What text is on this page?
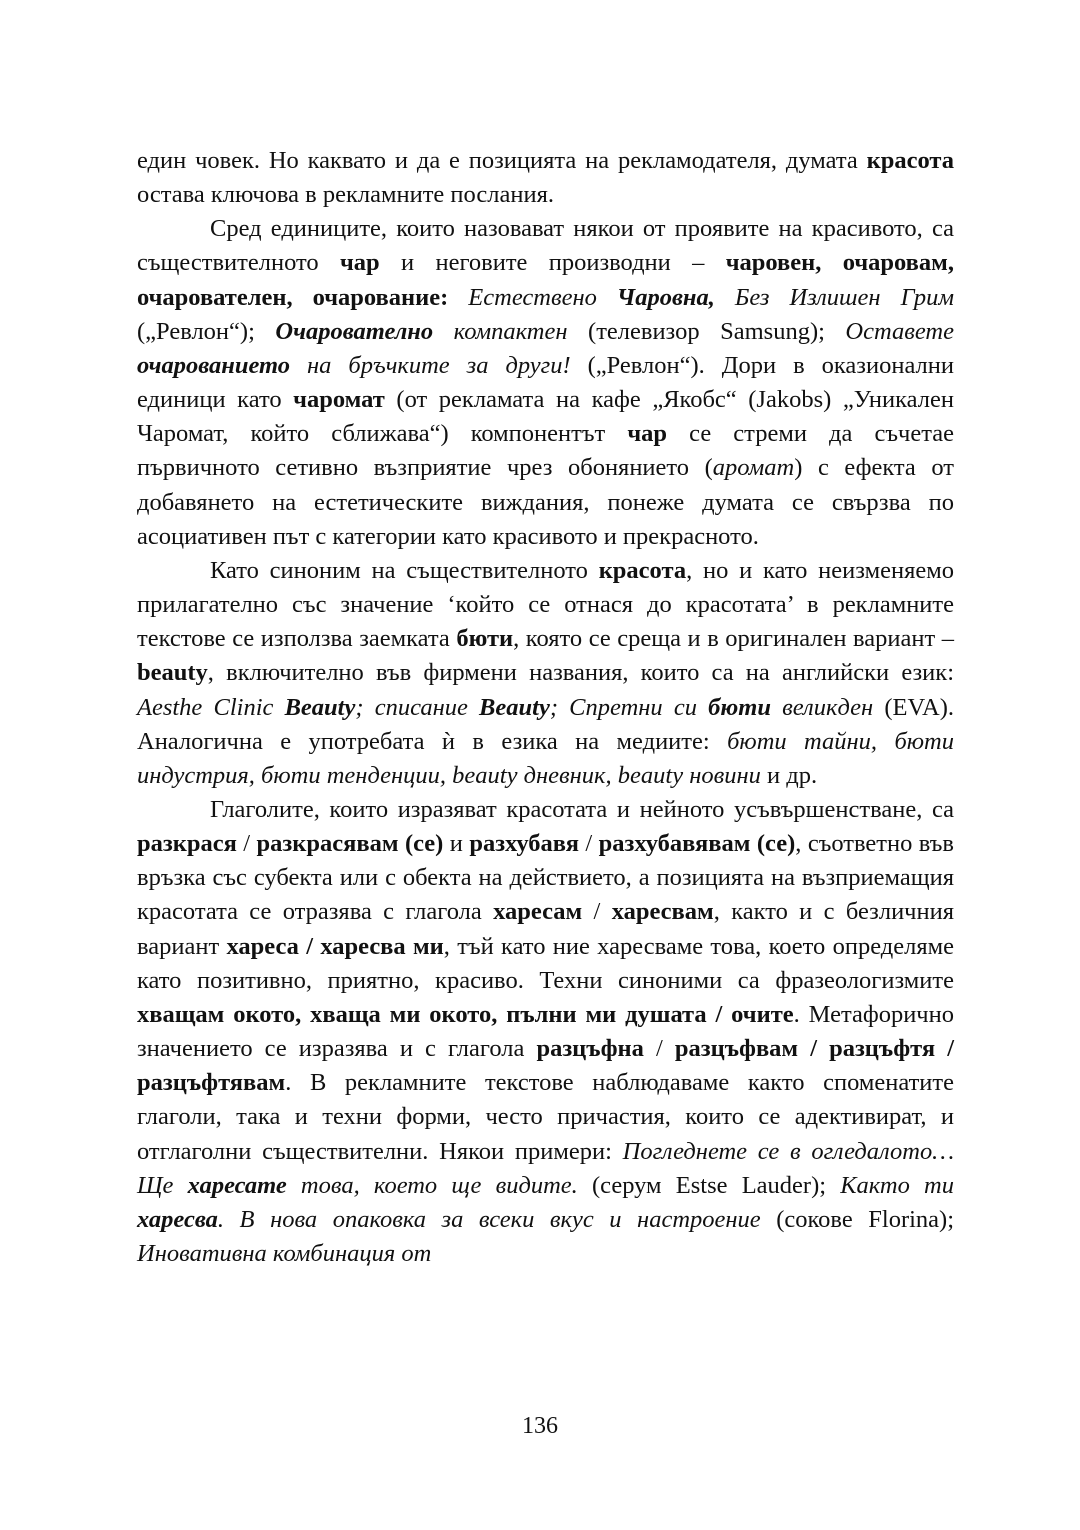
един човек. Но каквато и да е позицията на рекламодателя, думата красота остава ключова в рекламните послания.

Сред единиците, които назовават някои от проявите на красивото, са съществителното чар и неговите производни – чаровен, очаровам, очарователен, очарование: Естествено Чаровна, Без Излишен Грим („Ревлон“); Очарователно компактен (телевизор Samsung); Оставете очарованието на бръчките за други! („Ревлон“). Дори в оказионални единици като чаромат (от рекламата на кафе „Якобс“ (Jakobs) „Уникален Чаромат, който сближава“) компонентът чар се стреми да съчетае първичното сетивно възприятие чрез обонянието (аромат) с ефекта от добавянето на естетическите виждания, понеже думата се свързва по асоциативен път с категории като красивото и прекрасното.

Като синоним на съществителното красота, но и като неизменяемо прилагателно със значение ‘който се отнася до красотата’ в рекламните текстове се използва заемката бюти, която се среща и в оригинален вариант – beauty, включително във фирмени названия, които са на английски език: Aesthe Clinic Beauty; списание Beauty; Спретни си бюти великден (EVA). Аналогична е употребата ѝ в езика на медиите: бюти тайни, бюти индустрия, бюти тенденции, beauty дневник, beauty новини и др.

Глаголите, които изразяват красотата и нейното усъвършенстване, са разкрася / разкрасявам (се) и разхубавя / разхубавявам (се), съответно във връзка със субекта или с обекта на действието, а позицията на възприемащия красотата се отразява с глагола харесам / харесвам, както и с безличния вариант хареса / харесва ми, тъй като ние харесваме това, което определяме като позитивно, приятно, красиво. Техни синоними са фразеологизмите хващам окото, хваща ми окото, пълни ми душата / очите. Метафорично значението се изразява и с глагола разцъфна / разцъфвам / разцъфтя / разцъфтявам. В рекламните текстове наблюдаваме както споменатите глаголи, така и техни форми, често причастия, които се адективират, и отглаголни съществителни. Някои примери: Погледнете се в огледалото… Ще харесате това, което ще видите. (серум Estse Lauder); Както ти харесва. В нова опаковка за всеки вкус и настроение (сокове Florina); Иновативна комбинация от

136
